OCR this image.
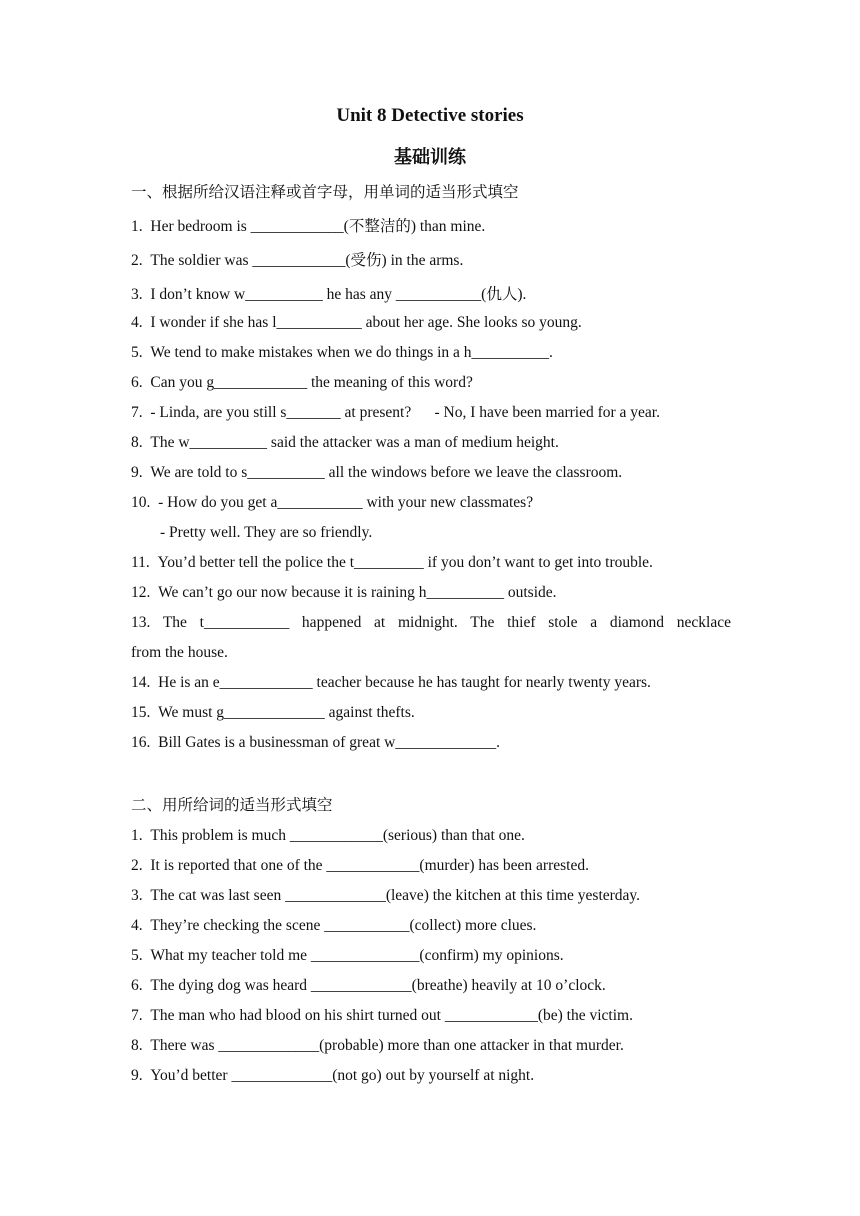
Unit 8 Detective stories
基础训练
一、根据所给汉语注释或首字母，用单词的适当形式填空
1. Her bedroom is ____________(不整洁的) than mine.
2. The soldier was ____________(受伤) in the arms.
3. I don’t know w__________ he has any ___________(仇人).
4. I wonder if she has l___________ about her age. She looks so young.
5. We tend to make mistakes when we do things in a h__________.
6. Can you g____________ the meaning of this word?
7. - Linda, are you still s_______ at present?      - No, I have been married for a year.
8. The w__________ said the attacker was a man of medium height.
9. We are told to s__________ all the windows before we leave the classroom.
10. - How do you get a___________ with your new classmates?
- Pretty well. They are so friendly.
11. You’d better tell the police the t_________ if you don’t want to get into trouble.
12. We can’t go our now because it is raining h__________ outside.
13. The t___________ happened at midnight. The thief stole a diamond necklace
from the house.
14. He is an e____________ teacher because he has taught for nearly twenty years.
15. We must g_____________ against thefts.
16. Bill Gates is a businessman of great w_____________.
二、用所给词的适当形式填空
1. This problem is much ____________(serious) than that one.
2. It is reported that one of the ____________(murder) has been arrested.
3. The cat was last seen _____________(leave) the kitchen at this time yesterday.
4. They’re checking the scene ___________(collect) more clues.
5. What my teacher told me ______________(confirm) my opinions.
6. The dying dog was heard _____________(breathe) heavily at 10 o’clock.
7. The man who had blood on his shirt turned out ____________(be) the victim.
8. There was _____________(probable) more than one attacker in that murder.
9. You’d better _____________(not go) out by yourself at night.
